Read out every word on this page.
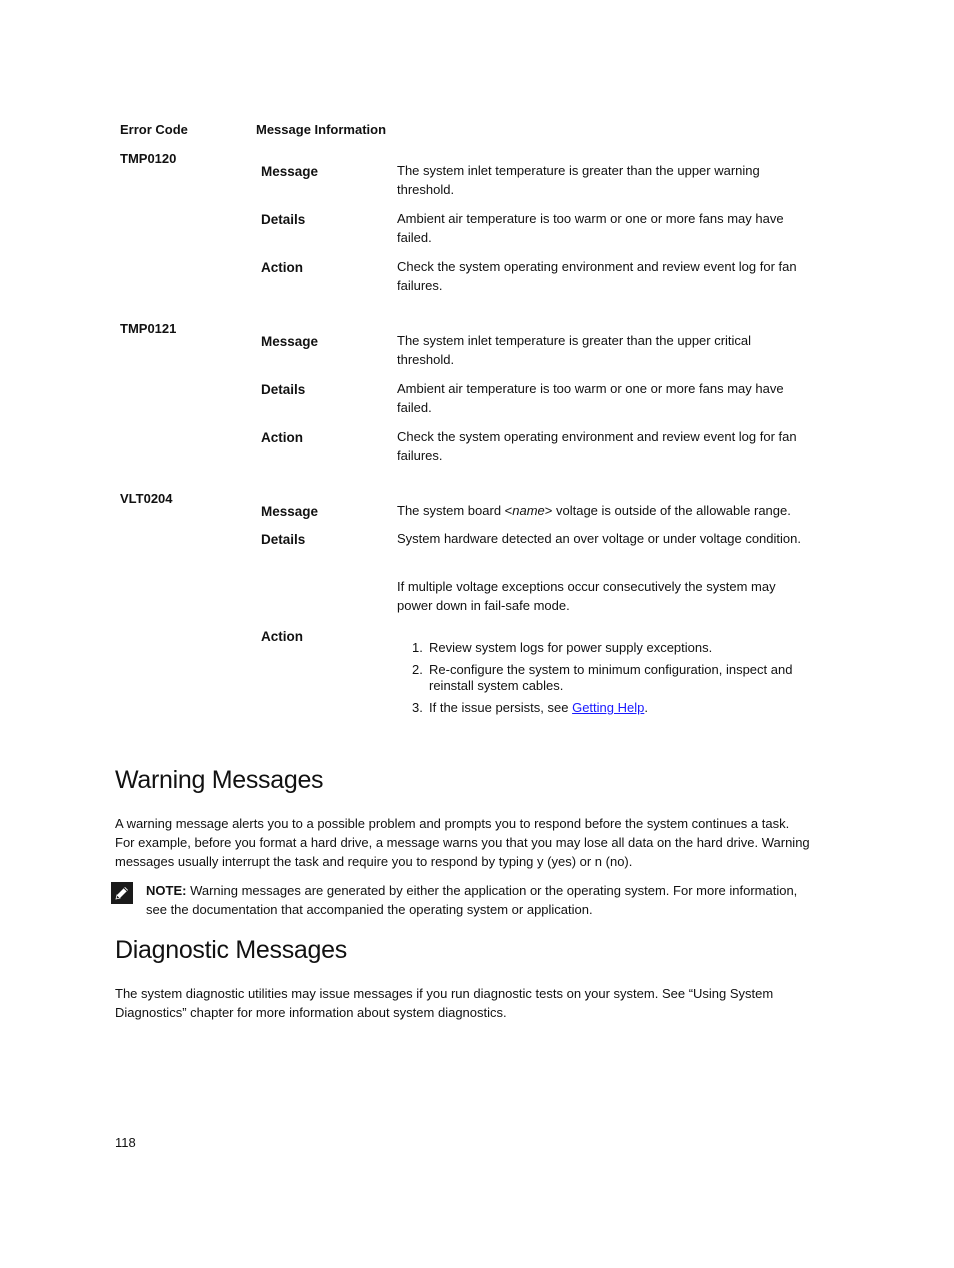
Error Code	Message Information
TMP0120
Message	The system inlet temperature is greater than the upper warning threshold.
Details	Ambient air temperature is too warm or one or more fans may have failed.
Action	Check the system operating environment and review event log for fan failures.
TMP0121
Message	The system inlet temperature is greater than the upper critical threshold.
Details	Ambient air temperature is too warm or one or more fans may have failed.
Action	Check the system operating environment and review event log for fan failures.
VLT0204
Message	The system board <name> voltage is outside of the allowable range.
Details	System hardware detected an over voltage or under voltage condition.
If multiple voltage exceptions occur consecutively the system may power down in fail-safe mode.
Action
1. Review system logs for power supply exceptions.
2. Re-configure the system to minimum configuration, inspect and reinstall system cables.
3. If the issue persists, see Getting Help.
Warning Messages
A warning message alerts you to a possible problem and prompts you to respond before the system continues a task. For example, before you format a hard drive, a message warns you that you may lose all data on the hard drive. Warning messages usually interrupt the task and require you to respond by typing y (yes) or n (no).
NOTE: Warning messages are generated by either the application or the operating system. For more information, see the documentation that accompanied the operating system or application.
Diagnostic Messages
The system diagnostic utilities may issue messages if you run diagnostic tests on your system. See “Using System Diagnostics” chapter for more information about system diagnostics.
118
